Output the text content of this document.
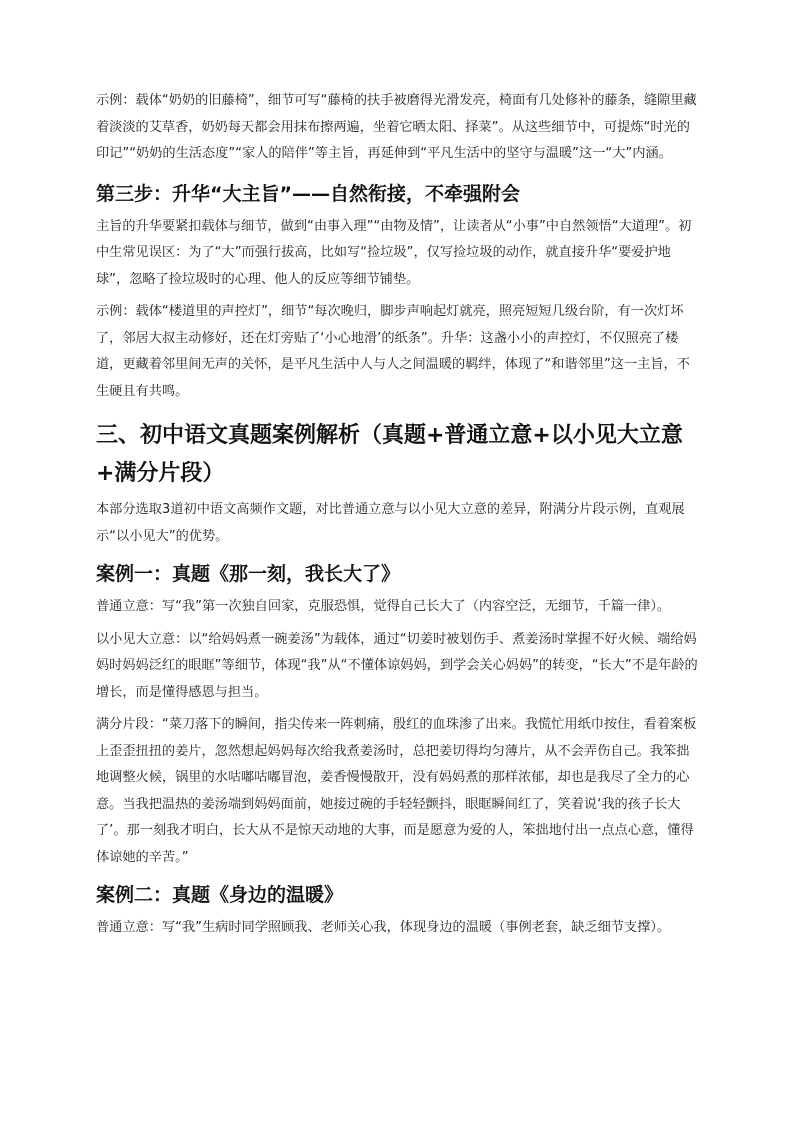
示例：载体“奶奶的旧藤椅”，细节可写“藤椅的扶手被磨得光滑发亮，椅面有几处修补的藤条，缝隙里藏着淡淡的艾草香，奶奶每天都会用抹布擦两遍，坐着它晒太阳、择菜”。从这些细节中，可提炼“时光的印记”“奶奶的生活态度”“家人的陪伴”等主旨，再延伸到“平凡生活中的坚守与温暖”这一“大”内涵。

第三步：升华“大主旨”——自然衔接，不牵强附会

主旨的升华要紧扣载体与细节，做到“由事入理”“由物及情”，让读者从“小事”中自然领悟“大道理”。初中生常见误区：为了“大”而强行拔高，比如写“捡垃圾”，仅写捡垃圾的动作，就直接升华“要爱护地球”，忽略了捡垃圾时的心理、他人的反应等细节铺垫。

示例：载体“楼道里的声控灯”，细节“每次晚归，脚步声响起灯就亮，照亮短短几级台阶，有一次灯坏了，邻居大叔主动修好，还在灯旁贴了‘小心地滑’的纸条”。升华：这盏小小的声控灯，不仅照亮了楼道，更藏着邻里间无声的关怀，是平凡生活中人与人之间温暖的羁绊，体现了“和谐邻里”这一主旨，不生硬且有共鸣。

三、初中语文真题案例解析（真题+普通立意+以小见大立意+满分片段）

本部分选取3道初中语文高频作文题，对比普通立意与以小见大立意的差异，附满分片段示例，直观展示“以小见大”的优势。

案例一：真题《那一刻，我长大了》

普通立意：写“我”第一次独自回家，克服恐惧，觉得自己长大了（内容空泛，无细节，千篇一律）。

以小见大立意：以“给妈妈煮一碗姜汤”为载体，通过“切姜时被划伤手、煮姜汤时掌握不好火候、端给妈妈时妈妈泛红的眼眶”等细节，体现“我”从“不懂体谅妈妈，到学会关心妈妈”的转变，“长大”不是年龄的增长，而是懂得感恩与担当。

满分片段：“菜刀落下的瞬间，指尖传来一阵刺痛，殷红的血珠渗了出来。我慌忙用纸巾按住，看着案板上歪歪扭扭的姜片，忽然想起妈妈每次给我煮姜汤时，总把姜切得均匀薄片，从不会弄伤自己。我笨拙地调整火候，锅里的水咕嘟咕嘟冒泡，姜香慢慢散开，没有妈妈煮的那样浓郁，却也是我尽了全力的心意。当我把温热的姜汤端到妈妈面前，她接过碗的手轻轻颤抖，眼眶瞬间红了，笑着说‘我的孩子长大了’。那一刻我才明白，长大从不是惊天动地的大事，而是愿意为爱的人，笨拙地付出一点点心意，懂得体谅她的辛苦。”

案例二：真题《身边的温暖》

普通立意：写“我”生病时同学照顾我、老师关心我，体现身边的温暖（事例老套，缺乏细节支撑）。
